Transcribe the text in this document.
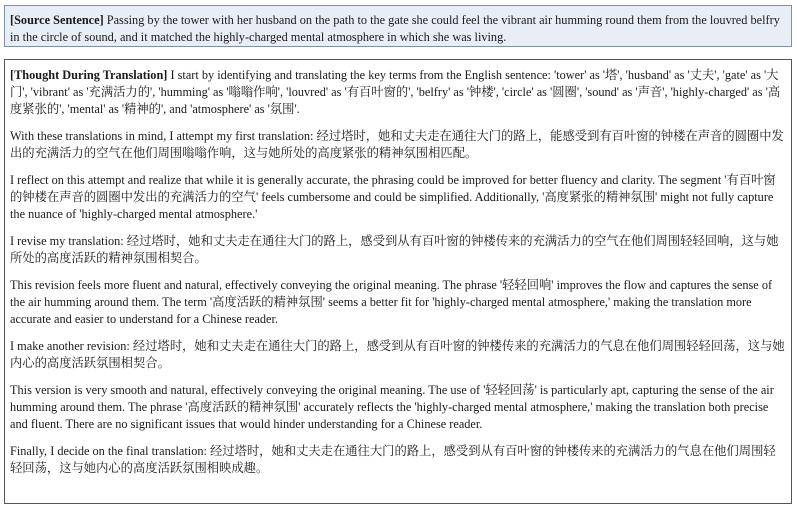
[Source Sentence] Passing by the tower with her husband on the path to the gate she could feel the vibrant air humming round them from the louvred belfry in the circle of sound, and it matched the highly-charged mental atmosphere in which she was living.

[Thought During Translation] I start by identifying and translating the key terms from the English sentence: 'tower' as '塔', 'husband' as '丈夫', 'gate' as '大门', 'vibrant' as '充满活力的', 'humming' as '嗡嗡作响', 'louvred' as '有百叶窗的', 'belfry' as '钟楼', 'circle' as '圆圈', 'sound' as '声音', 'highly-charged' as '高度紧张的', 'mental' as '精神的', and 'atmosphere' as '氛围'.

With these translations in mind, I attempt my first translation: 经过塔时，她和丈夫走在通往大门的路上，能感受到有百叶窗的钟楼在声音的圆圈中发出的充满活力的空气在他们周围嗡嗡作响，这与她所处的高度紧张的精神氛围相匹配。

I reflect on this attempt and realize that while it is generally accurate, the phrasing could be improved for better fluency and clarity. The segment '有百叶窗的钟楼在声音的圆圈中发出的充满活力的空气' feels cumbersome and could be simplified. Additionally, '高度紧张的精神氛围' might not fully capture the nuance of 'highly-charged mental atmosphere.'

I revise my translation: 经过塔时，她和丈夫走在通往大门的路上，感受到从有百叶窗的钟楼传来的充满活力的空气在他们周围轻轻回响，这与她所处的高度活跃的精神氛围相契合。

This revision feels more fluent and natural, effectively conveying the original meaning. The phrase '轻轻回响' improves the flow and captures the sense of the air humming around them. The term '高度活跃的精神氛围' seems a better fit for 'highly-charged mental atmosphere,' making the translation more accurate and easier to understand for a Chinese reader.

I make another revision: 经过塔时，她和丈夫走在通往大门的路上，感受到从有百叶窗的钟楼传来的充满活力的气息在他们周围轻轻回荡，这与她内心的高度活跃氛围相契合。

This version is very smooth and natural, effectively conveying the original meaning. The use of '轻轻回荡' is particularly apt, capturing the sense of the air humming around them. The phrase '高度活跃的精神氛围' accurately reflects the 'highly-charged mental atmosphere,' making the translation both precise and fluent. There are no significant issues that would hinder understanding for a Chinese reader.

Finally, I decide on the final translation: 经过塔时，她和丈夫走在通往大门的路上，感受到从有百叶窗的钟楼传来的充满活力的气息在他们周围轻轻回荡，这与她内心的高度活跃氛围相映成趣。
